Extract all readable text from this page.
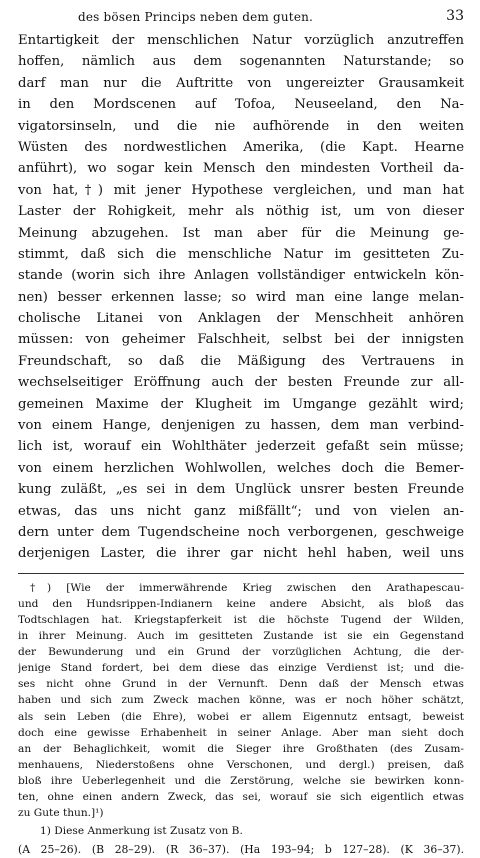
des bösen Princips neben dem guten.	33
Entartigkeit der menschlichen Natur vorzüglich anzutreffen
hoffen, nämlich aus dem sogenannten Naturstande; so
darf man nur die Auftritte von ungereizter Grausamkeit
in den Mordscenen auf Tofoa, Neuseeland, den Na-
vigatorsinseln, und die nie aufhörende in den weiten
Wüsten des nordwestlichen Amerika, (die Kapt. Hearne
anführt), wo sogar kein Mensch den mindesten Vortheil da-
von hat,†) mit jener Hypothese vergleichen, und man hat
Laster der Rohigkeit, mehr als nöthig ist, um von dieser
Meinung abzugehen. Ist man aber für die Meinung ge-
stimmt, daß sich die menschliche Natur im gesitteten Zu-
stande (worin sich ihre Anlagen vollständiger entwickeln kön-
nen) besser erkennen lasse; so wird man eine lange melan-
cholische Litanei von Anklagen der Menschheit anhören
müssen: von geheimer Falschheit, selbst bei der innigsten
Freundschaft, so daß die Mäßigung des Vertrauens in
wechselseitiger Eröffnung auch der besten Freunde zur all-
gemeinen Maxime der Klugheit im Umgange gezählt wird;
von einem Hange, denjenigen zu hassen, dem man verbind-
lich ist, worauf ein Wohlthäter jederzeit gefaßt sein müsse;
von einem herzlichen Wohlwollen, welches doch die Bemer-
kung zuläßt, „es sei in dem Unglück unsrer besten Freunde
etwas, das uns nicht ganz mißfällt“; und von vielen an-
dern unter dem Tugendscheine noch verborgenen, geschweige
derjenigen Laster, die ihrer gar nicht hehl haben, weil uns
†) [Wie der immerwährende Krieg zwischen den Arathapescau-
und den Hundsrippen-Indianern keine andere Absicht, als bloß das
Todtschlagen hat. Kriegstapferkeit ist die höchste Tugend der Wilden,
in ihrer Meinung. Auch im gesitteten Zustande ist sie ein Gegenstand
der Bewunderung und ein Grund der vorzüglichen Achtung, die der-
jenige Stand fordert, bei dem diese das einzige Verdienst ist; und die-
ses nicht ohne Grund in der Vernunft. Denn daß der Mensch etwas
haben und sich zum Zweck machen könne, was er noch höher schätzt,
als sein Leben (die Ehre), wobei er allem Eigennutz entsagt, beweist
doch eine gewisse Erhabenheit in seiner Anlage. Aber man sieht doch
an der Behaglichkeit, womit die Sieger ihre Großthaten (des Zusam-
menhauens, Niederstoßens ohne Verschonen, und dergl.) preisen, daß
bloß ihre Ueberlegenheit und die Zerstörung, welche sie bewirken konn-
ten, ohne einen andern Zweck, das sei, worauf sie sich eigentlich etwas
zu Gute thun.]¹)
1) Diese Anmerkung ist Zusatz von B.
(A 25–26). (B 28–29). (R 36–37). (Ha 193–94; b 127–28). (K 36–37).
